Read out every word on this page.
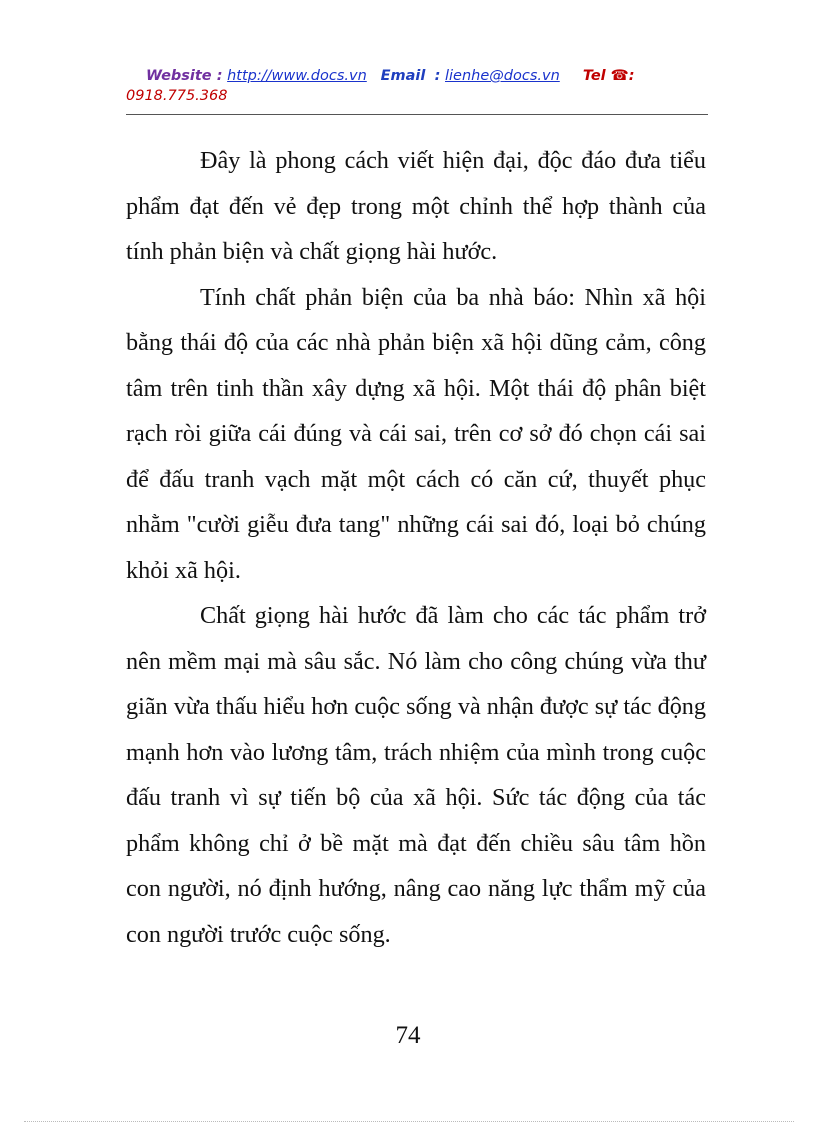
Website : http://www.docs.vn Email : lienhe@docs.vn Tel ☎:
0918.775.368

Đây là phong cách viết hiện đại, độc đáo đưa tiểu phẩm đạt đến vẻ đẹp trong một chỉnh thể hợp thành của tính phản biện và chất giọng hài hước.

Tính chất phản biện của ba nhà báo: Nhìn xã hội bằng thái độ của các nhà phản biện xã hội dũng cảm, công tâm trên tinh thần xây dựng xã hội. Một thái độ phân biệt rạch ròi giữa cái đúng và cái sai, trên cơ sở đó chọn cái sai để đấu tranh vạch mặt một cách có căn cứ, thuyết phục nhằm "cười giễu đưa tang" những cái sai đó, loại bỏ chúng khỏi xã hội.

Chất giọng hài hước đã làm cho các tác phẩm trở nên mềm mại mà sâu sắc. Nó làm cho công chúng vừa thư giãn vừa thấu hiểu hơn cuộc sống và nhận được sự tác động mạnh hơn vào lương tâm, trách nhiệm của mình trong cuộc đấu tranh vì sự tiến bộ của xã hội. Sức tác động của tác phẩm không chỉ ở bề mặt mà đạt đến chiều sâu tâm hồn con người, nó định hướng, nâng cao năng lực thẩm mỹ của con người trước cuộc sống.

74
